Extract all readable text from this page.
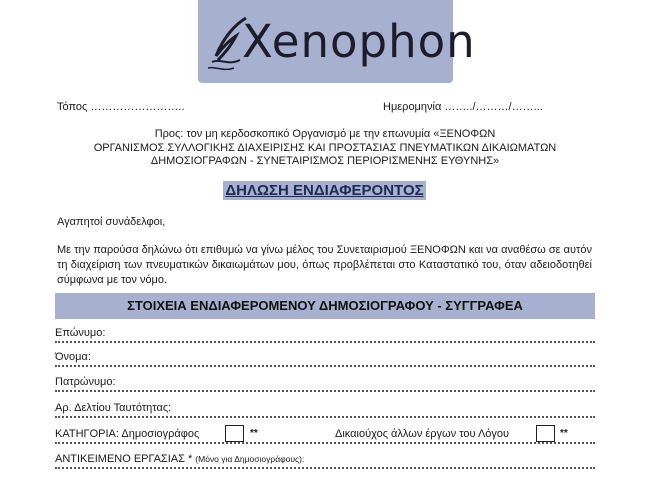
Xenophon
Τόπος ……………………..	Ημερομηνία ……../………/……...
Προς: τον μη κερδοσκοπικό Οργανισμό με την επωνυμία «ΞΕΝΟΦΩΝ
ΟΡΓΑΝΙΣΜΟΣ ΣΥΛΛΟΓΙΚΗΣ ΔΙΑΧΕΙΡΙΣΗΣ ΚΑΙ ΠΡΟΣΤΑΣΙΑΣ ΠΝΕΥΜΑΤΙΚΩΝ ΔΙΚΑΙΩΜΑΤΩΝ
ΔΗΜΟΣΙΟΓΡΑΦΩΝ - ΣΥΝΕΤΑΙΡΙΣΜΟΣ ΠΕΡΙΟΡΙΣΜΕΝΗΣ ΕΥΘΥΝΗΣ»
ΔΗΛΩΣΗ ΕΝΔΙΑΦΕΡΟΝΤΟΣ
Αγαπητοί συνάδελφοι,
Με την παρούσα δηλώνω ότι επιθυμώ να γίνω μέλος του Συνεταιρισμού ΞΕΝΟΦΩΝ και να αναθέσω σε αυτόν τη διαχείριση των πνευματικών δικαιωμάτων μου, όπως προβλέπεται στο Καταστατικό του, όταν αδειοδοτηθεί σύμφωνα με τον νόμο.
ΣΤΟΙΧΕΙΑ ΕΝΔΙΑΦΕΡΟΜΕΝΟΥ ΔΗΜΟΣΙΟΓΡΑΦΟΥ - ΣΥΓΓΡΑΦΕΑ
Επώνυμο:
Όνομα:
Πατρώνυμο:
Αρ. Δελτίου Ταυτότητας:
ΚΑΤΗΓΟΡΙΑ: Δημοσιογράφος	**	Δικαιούχος άλλων έργων του Λόγου	**
ΑΝΤΙΚΕΙΜΕΝΟ ΕΡΓΑΣΙΑΣ * (Μόνο για Δημοσιογράφους):
